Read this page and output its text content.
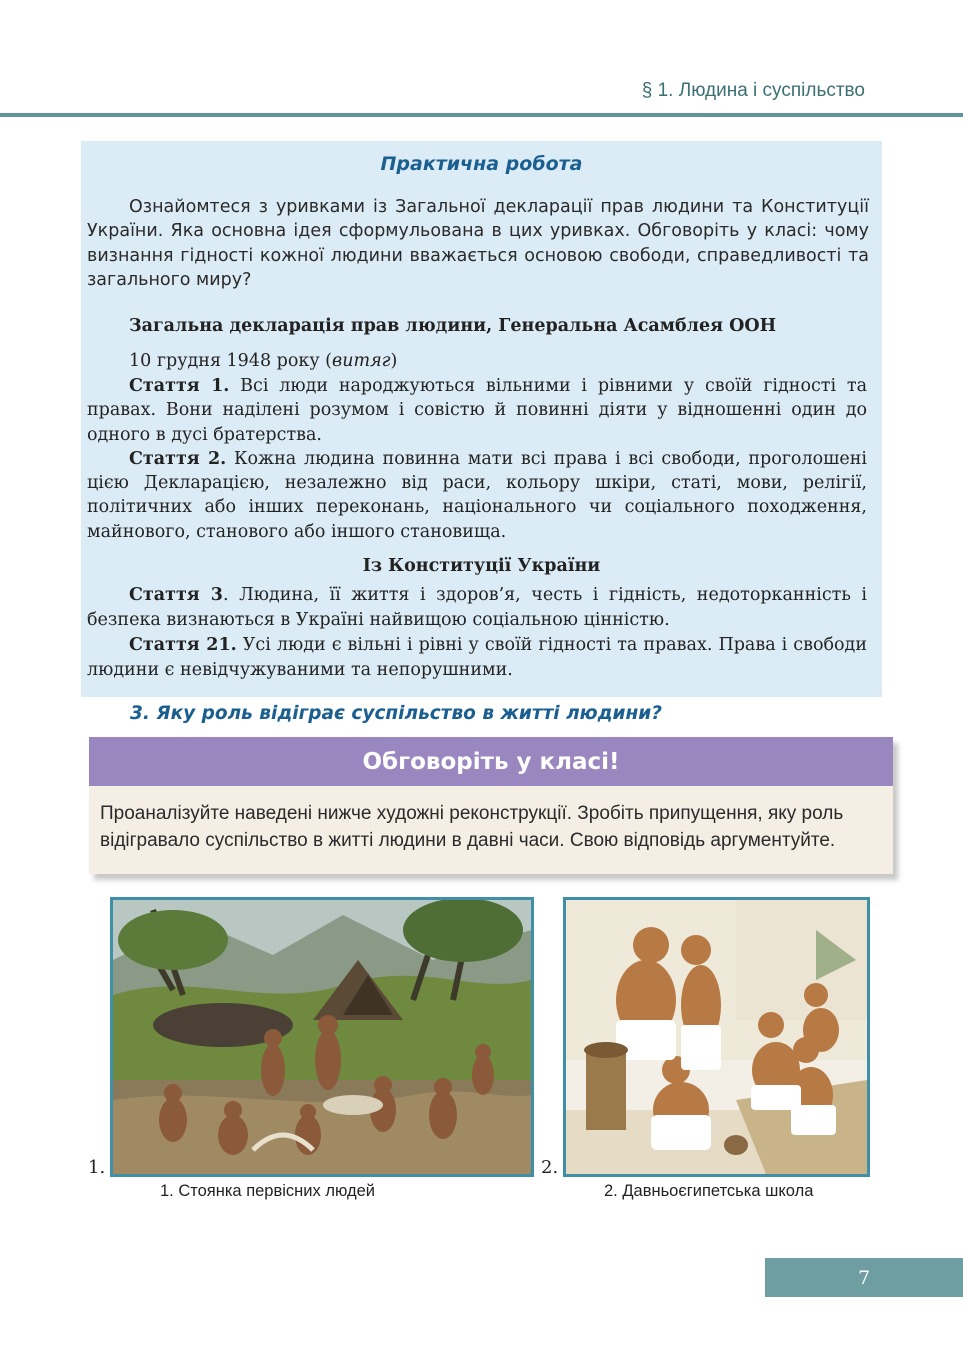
§ 1. Людина і суспільство
Практична робота

Ознайомтеся з уривками із Загальної декларації прав людини та Конституції України. Яка основна ідея сформульована в цих уривках. Обговоріть у класі: чому визнання гідності кожної людини вважається основою свободи, справедливості та загального миру?

Загальна декларація прав людини, Генеральна Асамблея ООН

10 грудня 1948 року (витяг)

Стаття 1. Всі люди народжуються вільними і рівними у своїй гідності та правах. Вони наділені розумом і совістю й повинні діяти у відношенні один до одного в дусі братерства.

Стаття 2. Кожна людина повинна мати всі права і всі свободи, проголошені цією Декларацією, незалежно від раси, кольору шкіри, статі, мови, релігії, політичних або інших переконань, національного чи соціального походження, майнового, станового або іншого становища.

Із Конституції України

Стаття 3. Людина, її життя і здоров’я, честь і гідність, недоторканність і безпека визнаються в Україні найвищою соціальною цінністю.

Стаття 21. Усі люди є вільні і рівні у своїй гідності та правах. Права і свободи людини є невідчужуваними та непорушними.

3. Яку роль відіграє суспільство в житті людини?
Обговоріть у класі!

Проаналізуйте наведені нижче художні реконструкції. Зробіть припущення, яку роль відігравало суспільство в житті людини в давні часи. Свою відповідь аргументуйте.

1.
1. Стоянка первісних людей
2.
2. Давньоєгипетська школа
7
